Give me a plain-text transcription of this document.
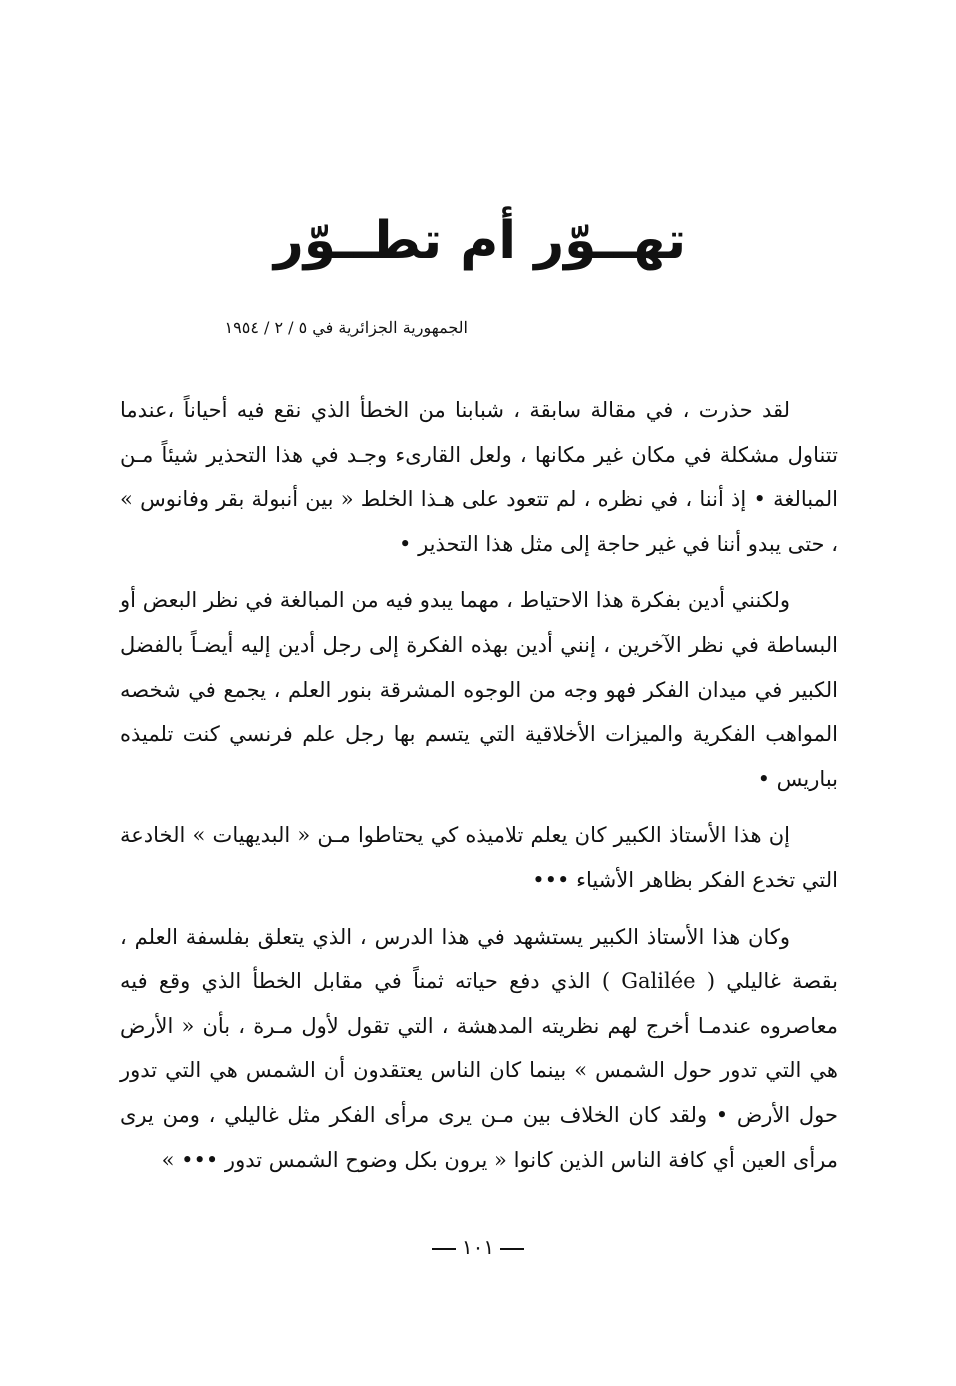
تهــوّر أم تطــوّر
الجمهورية الجزائرية في ٥ / ٢ / ١٩٥٤

لقد حذرت ، في مقالة سابقة ، شبابنا من الخطأ الذي نقع فيه أحياناً ،عندما تتناول مشكلة في مكان غير مكانها ، ولعل القارىء وجـد في هذا التحذير شيئاً مـن المبالغة • إذ أننا ، في نظره ، لم تتعود على هـذا الخلط « بين أنبولة بقر وفانوس » ، حتى يبدو أننا في غير حاجة إلى مثل هذا التحذير •

ولكنني أدين بفكرة هذا الاحتياط ، مهما يبدو فيه من المبالغة في نظر البعض أو البساطة في نظر الآخرين ، إنني أدين بهذه الفكرة إلى رجل أدين إليه أيضـاً بالفضل الكبير في ميدان الفكر فهو وجه من الوجوه المشرقة بنور العلم ، يجمع في شخصه المواهب الفكرية والميزات الأخلاقية التي يتسم بها رجل علم فرنسي كنت تلميذه بباريس •

إن هذا الأستاذ الكبير كان يعلم تلاميذه كي يحتاطوا مـن « البديهيات » الخادعة التي تخدع الفكر بظاهر الأشياء •••

وكان هذا الأستاذ الكبير يستشهد في هذا الدرس ، الذي يتعلق بفلسفة العلم ، بقصة غاليلي ( Galilée ) الذي دفع حياته ثمناً في مقابل الخطأ الذي وقع فيه معاصروه عندمـا أخرج لهم نظريته المدهشة ، التي تقول لأول مـرة ، بأن « الأرض هي التي تدور حول الشمس » بينما كان الناس يعتقدون أن الشمس هي التي تدور حول الأرض • ولقد كان الخلاف بين مـن يرى مرأى الفكر مثل غاليلي ، ومن يرى مرأى العين أي كافة الناس الذين كانوا « يرون بكل وضوح الشمس تدور ••• »

١٠١
